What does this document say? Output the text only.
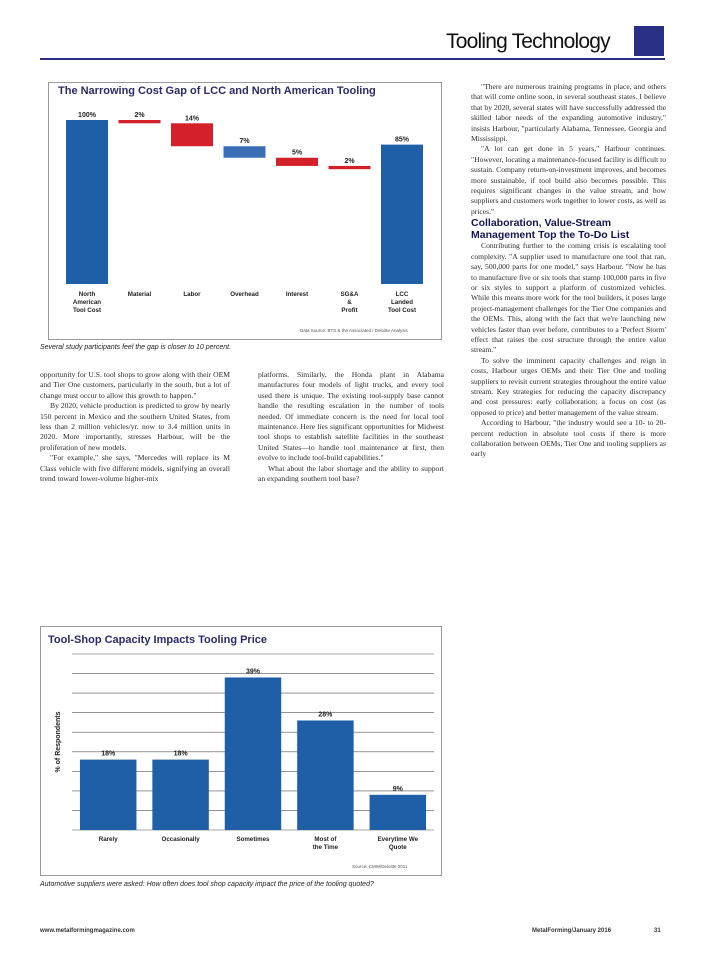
Tooling Technology
The Narrowing Cost Gap of LCC and North American Tooling
100%
North
American
Tool Cost
2%
Material
14%
Labor
7%
Overhead
5%
Interest
2%
SG&A
&
Profit
85%
LCC
Landed
Tool Cost
Data Source: BTS & the Associated / Deloitte Analysis
Several study participants feel the gap is closer to 10 percent.

opportunity for U.S. tool shops to grow along with their OEM and Tier One customers, particularly in the south, but a lot of change must occur to allow this growth to happen."

By 2020, vehicle production is predicted to grow by nearly 150 percent in Mexico and the southern United States, from less than 2 million vehicles/yr. now to 3.4 million units in 2020. More importantly, stresses Harbour, will be the proliferation of new models.

"For example," she says, "Mercedes will replace its M Class vehicle with five different models, signifying an overall trend toward lower-volume higher-mix

platforms. Similarly, the Honda plant in Alabama manufactures four models of light trucks, and every tool used there is unique. The existing tool-supply base cannot handle the resulting escalation in the number of tools needed. Of immediate concern is the need for local tool maintenance. Here lies significant opportunities for Midwest tool shops to establish satellite facilities in the southeast United States—to handle tool maintenance at first, then evolve to include tool-build capabilities."

What about the labor shortage and the ability to support an expanding southern tool base?

Tool-Shop Capacity Impacts Tooling Price
% of Respondents	18%
Rarely
18%
Occasionally
39%
Sometimes
28%
Most of
the Time
9%
Everytime We
Quote
Source: CMW/Deloitte 2011
Automotive suppliers were asked: How often does tool shop capacity impact the price of the tooling quoted?

"There are numerous training programs in place, and others that will come online soon, in several southeast states. I believe that by 2020, several states will have successfully addressed the skilled labor needs of the expanding automotive industry," insists Harbour, "particularly Alabama, Tennessee, Georgia and Mississippi.

"A lot can get done in 5 years," Harbour continues. "However, locating a maintenance-focused facility is difficult to sustain. Company return-on-investment improves, and becomes more sustainable, if tool build also becomes possible. This requires significant changes in the value stream, and how suppliers and customers work together to lower costs, as well as prices."

Collaboration, Value-Stream Management Top the To-Do List

Contributing further to the coming crisis is escalating tool complexity. "A supplier used to manufacture one tool that ran, say, 500,000 parts for one model," says Harbour. "Now he has to manufacture five or six tools that stamp 100,000 parts in five or six styles to support a platform of customized vehicles. While this means more work for the tool builders, it poses large project-management challenges for the Tier One companies and the OEMs. This, along with the fact that we're launching new vehicles faster than ever before, contributes to a 'Perfect Storm' effect that raises the cost structure through the entire value stream."

To solve the imminent capacity challenges and reign in costs, Harbour urges OEMs and their Tier One and tooling suppliers to revisit current strategies throughout the entire value stream. Key strategies for reducing the capacity discrepancy and cost pressures: early collaboration; a focus on cost (as opposed to price) and better management of the value stream.

According to Harbour, "the industry would see a 10- to 20-percent reduction in absolute tool costs if there is more collaboration between OEMs, Tier One and tooling suppliers as early

www.metalformingmagazine.com	MetalForming/January 2016	31
